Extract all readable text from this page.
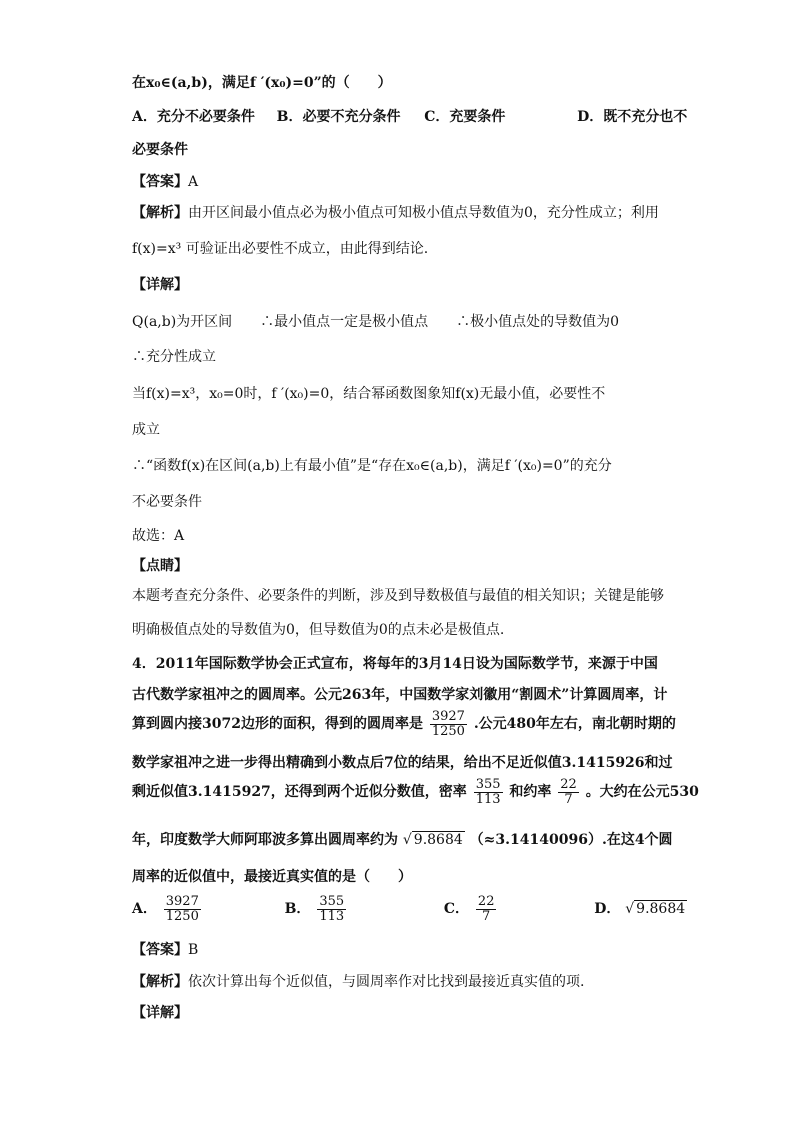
在x₀∈(a,b)，满足f ′(x₀)=0”的（　　）
A．充分不必要条件 B．必要不充分条件 C．充要条件	D．既不充分也不
必要条件
【答案】A
【解析】由开区间最小值点必为极小值点可知极小值点导数值为0，充分性成立；利用
f(x)=x³ 可验证出必要性不成立，由此得到结论.
【详解】
Q(a,b)为开区间　　∴最小值点一定是极小值点　　∴极小值点处的导数值为0
∴充分性成立
当f(x)=x³，x₀=0时，f ′(x₀)=0，结合幂函数图象知f(x)无最小值，必要性不
成立
∴“函数f(x)在区间(a,b)上有最小值”是“存在x₀∈(a,b)，满足f ′(x₀)=0”的充分
不必要条件
故选：A
【点睛】
本题考查充分条件、必要条件的判断，涉及到导数极值与最值的相关知识；关键是能够
明确极值点处的导数值为0，但导数值为0的点未必是极值点.
4．2011年国际数学协会正式宣布，将每年的3月14日设为国际数学节，来源于中国
古代数学家祖冲之的圆周率。公元263年，中国数学家刘徽用“割圆术”计算圆周率，计
算到圆内接3072边形的面积，得到的圆周率是 $\frac{3927}{1250}$ .公元480年左右，南北朝时期的
数学家祖冲之进一步得出精确到小数点后7位的结果，给出不足近似值3.1415926和过
剩近似值3.1415927，还得到两个近似分数值，密率 $\frac{355}{113}$ 和约率 $\frac{22}{7}$ 。大约在公元530
年，印度数学大师阿耶波多算出圆周率约为 √ 9.8684 （≈3.14140096）.在这4个圆
周率的近似值中，最接近真实值的是（　　）
A． $\frac{3927}{1250}$	B． $\frac{355}{113}$	C． $\frac{22}{7}$	D． √ 9.8684
【答案】B
【解析】依次计算出每个近似值，与圆周率作对比找到最接近真实值的项.
【详解】
